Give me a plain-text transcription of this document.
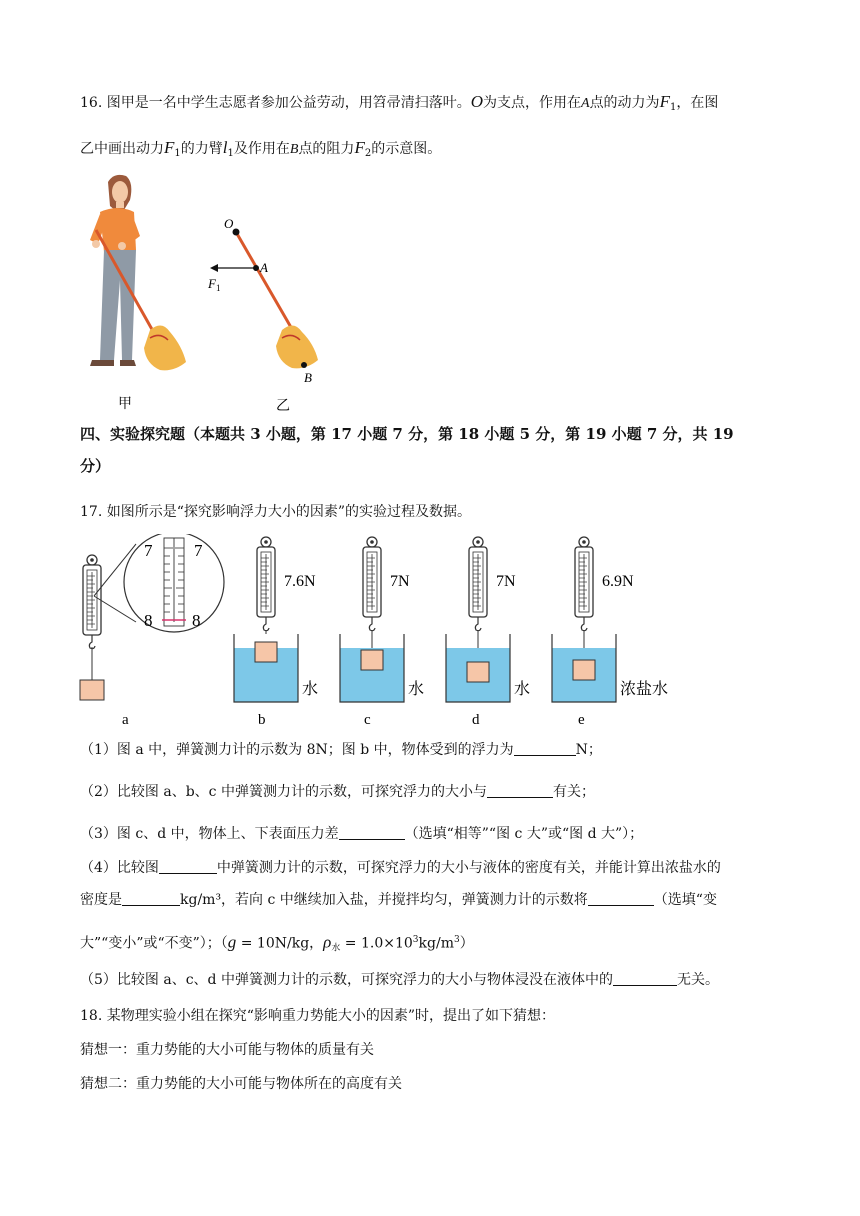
16. 图甲是一名中学生志愿者参加公益劳动，用笤帚清扫落叶。O为支点，作用在A点的动力为$F_1$，在图
乙中画出动力$F_1$的力臂$l_1$及作用在B点的阻力$F_2$的示意图。
甲
O
A
$F_1$
B
乙
四、实验探究题（本题共 3 小题，第 17 小题 7 分，第 18 小题 5 分，第 19 小题 7 分，共 19
分）
17. 如图所示是“探究影响浮力大小的因素”的实验过程及数据。
7 7
8 8
a
7.6N
水
b
7N
水
c
7N
水
d
6.9N
浓盐水
e
（1）图 a 中，弹簧测力计的示数为 8N；图 b 中，物体受到的浮力为	N；
（2）比较图 a、b、c 中弹簧测力计的示数，可探究浮力的大小与	有关；
（3）图 c、d 中，物体上、下表面压力差	（选填“相等”“图 c 大”或“图 d 大”）；
（4）比较图	中弹簧测力计的示数，可探究浮力的大小与液体的密度有关，并能计算出浓盐水的
密度是	kg/m³，若向 c 中继续加入盐，并搅拌均匀，弹簧测力计的示数将	（选填“变
大”“变小”或“不变”）；（g = 10N/kg，$\rho_水 = 1.0\times 10^3kg/m^3$）
（5）比较图 a、c、d 中弹簧测力计的示数，可探究浮力的大小与物体浸没在液体中的	无关。
18. 某物理实验小组在探究“影响重力势能大小的因素”时，提出了如下猜想：
猜想一：重力势能的大小可能与物体的质量有关
猜想二：重力势能的大小可能与物体所在的高度有关
